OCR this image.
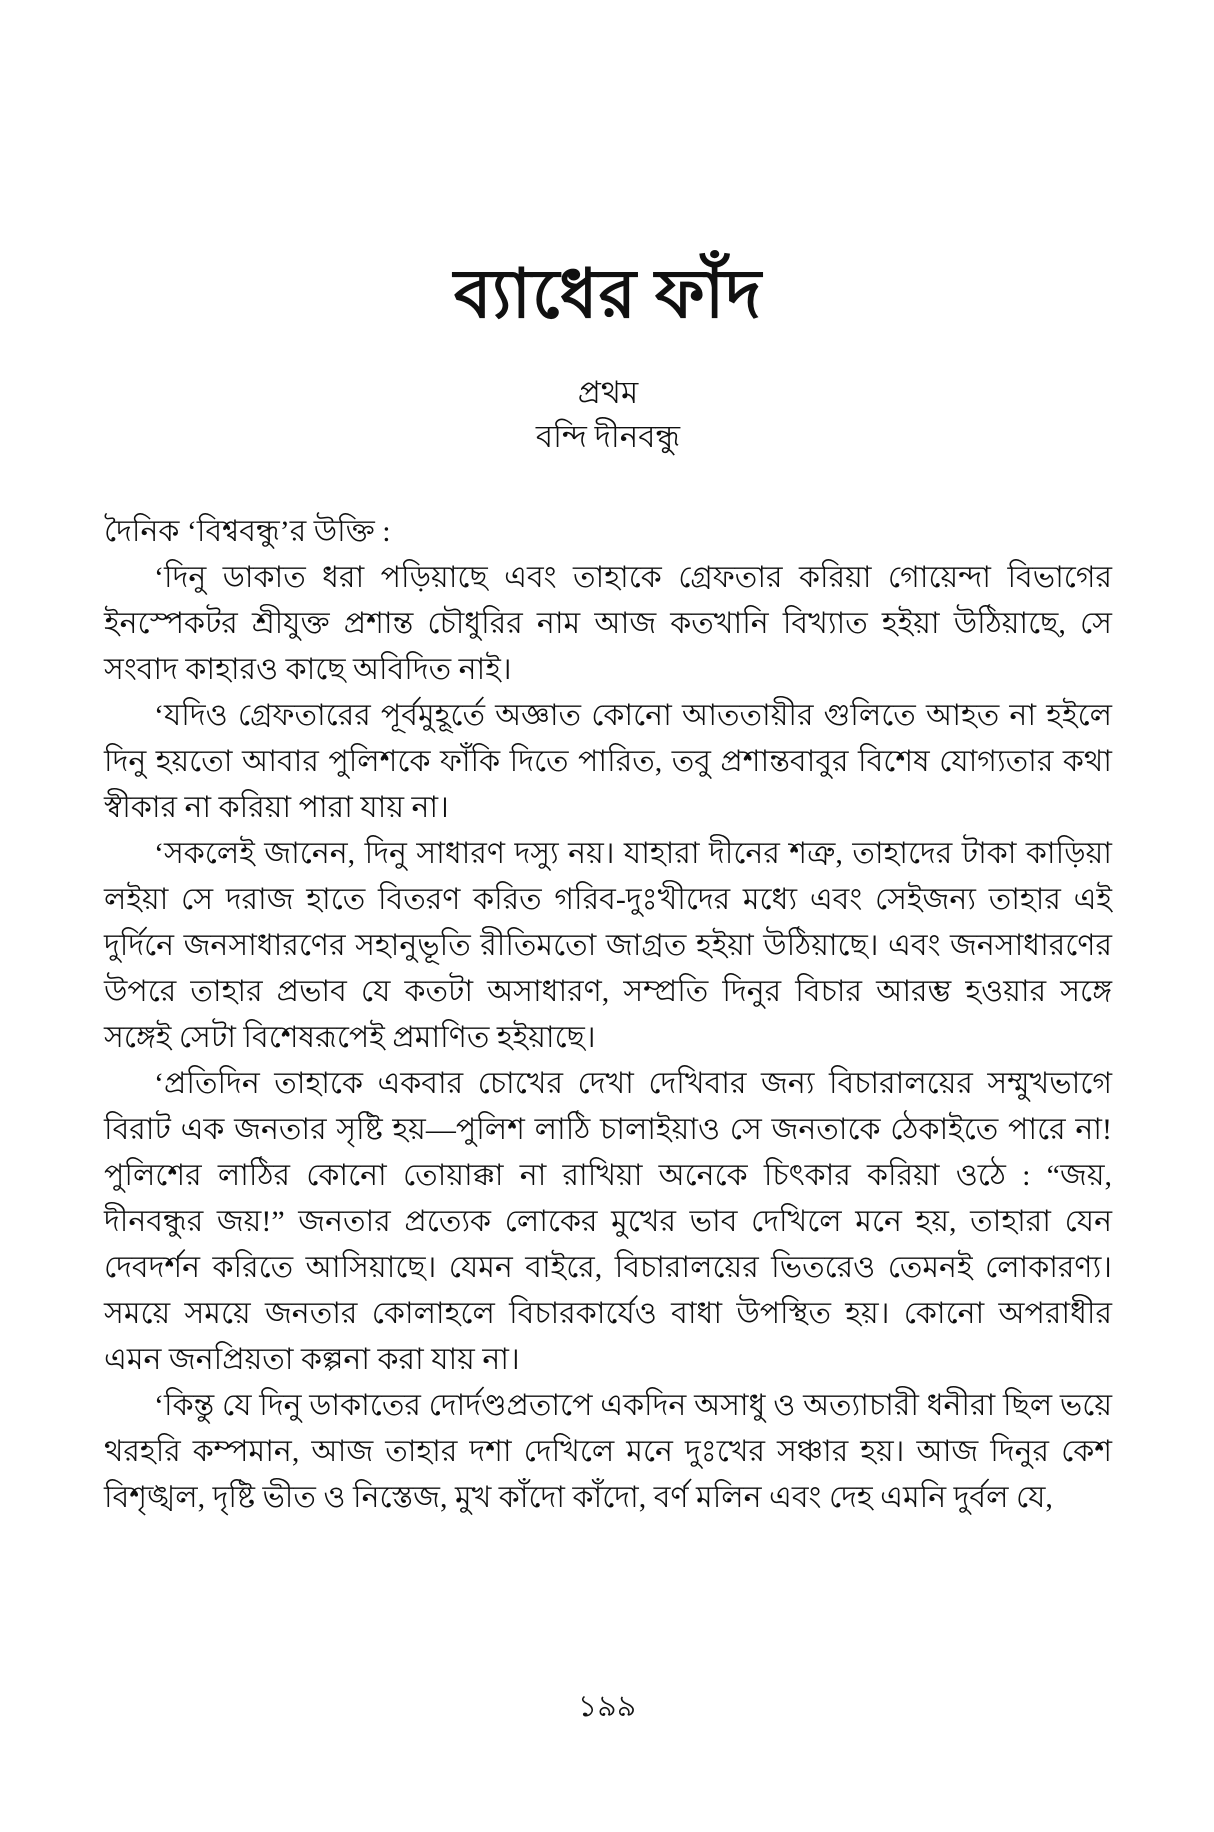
ব্যাধের ফাঁদ
প্রথম
বন্দি দীনবন্ধু

দৈনিক ‘বিশ্ববন্ধু’র উক্তি :

‘দিনু ডাকাত ধরা পড়িয়াছে এবং তাহাকে গ্রেফতার করিয়া গোয়েন্দা বিভাগের ইনস্পেকটর শ্রীযুক্ত প্রশান্ত চৌধুরির নাম আজ কতখানি বিখ্যাত হইয়া উঠিয়াছে, সে সংবাদ কাহারও কাছে অবিদিত নাই।

‘যদিও গ্রেফতারের পূর্বমুহূর্তে অজ্ঞাত কোনো আততায়ীর গুলিতে আহত না হইলে দিনু হয়তো আবার পুলিশকে ফাঁকি দিতে পারিত, তবু প্রশান্তবাবুর বিশেষ যোগ্যতার কথা স্বীকার না করিয়া পারা যায় না।

‘সকলেই জানেন, দিনু সাধারণ দস্যু নয়। যাহারা দীনের শত্রু, তাহাদের টাকা কাড়িয়া লইয়া সে দরাজ হাতে বিতরণ করিত গরিব-দুঃখীদের মধ্যে এবং সেইজন্য তাহার এই দুর্দিনে জনসাধারণের সহানুভূতি রীতিমতো জাগ্রত হইয়া উঠিয়াছে। এবং জনসাধারণের উপরে তাহার প্রভাব যে কতটা অসাধারণ, সম্প্রতি দিনুর বিচার আরম্ভ হওয়ার সঙ্গে সঙ্গেই সেটা বিশেষরূপেই প্রমাণিত হইয়াছে।

‘প্রতিদিন তাহাকে একবার চোখের দেখা দেখিবার জন্য বিচারালয়ের সম্মুখভাগে বিরাট এক জনতার সৃষ্টি হয়—পুলিশ লাঠি চালাইয়াও সে জনতাকে ঠেকাইতে পারে না! পুলিশের লাঠির কোনো তোয়াক্কা না রাখিয়া অনেকে চিৎকার করিয়া ওঠে : “জয়, দীনবন্ধুর জয়!” জনতার প্রত্যেক লোকের মুখের ভাব দেখিলে মনে হয়, তাহারা যেন দেবদর্শন করিতে আসিয়াছে। যেমন বাইরে, বিচারালয়ের ভিতরেও তেমনই লোকারণ্য। সময়ে সময়ে জনতার কোলাহলে বিচারকার্যেও বাধা উপস্থিত হয়। কোনো অপরাধীর এমন জনপ্রিয়তা কল্পনা করা যায় না।

‘কিন্তু যে দিনু ডাকাতের দোর্দণ্ডপ্রতাপে একদিন অসাধু ও অত্যাচারী ধনীরা ছিল ভয়ে থরহরি কম্পমান, আজ তাহার দশা দেখিলে মনে দুঃখের সঞ্চার হয়। আজ দিনুর কেশ বিশৃঙ্খল, দৃষ্টি ভীত ও নিস্তেজ, মুখ কাঁদো কাঁদো, বর্ণ মলিন এবং দেহ এমনি দুর্বল যে,

১৯৯
